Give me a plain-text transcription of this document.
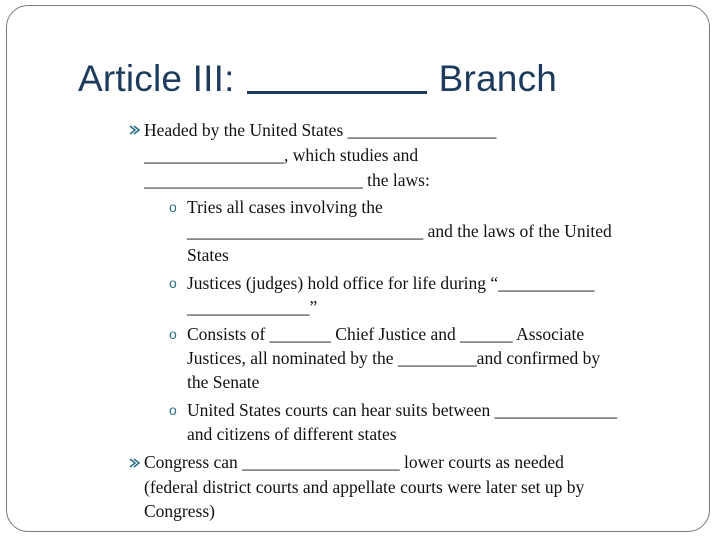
Article III:	Branch
Headed by the United States _________________
________________, which studies and
_________________________ the laws:
o Tries all cases involving the
___________________________ and the laws of the United
States
o Justices (judges) hold office for life during “___________
______________”
o Consists of _______ Chief Justice and ______ Associate
Justices, all nominated by the _________and confirmed by
the Senate
o United States courts can hear suits between ______________
and citizens of different states
Congress can __________________ lower courts as needed
(federal district courts and appellate courts were later set up by
Congress)
